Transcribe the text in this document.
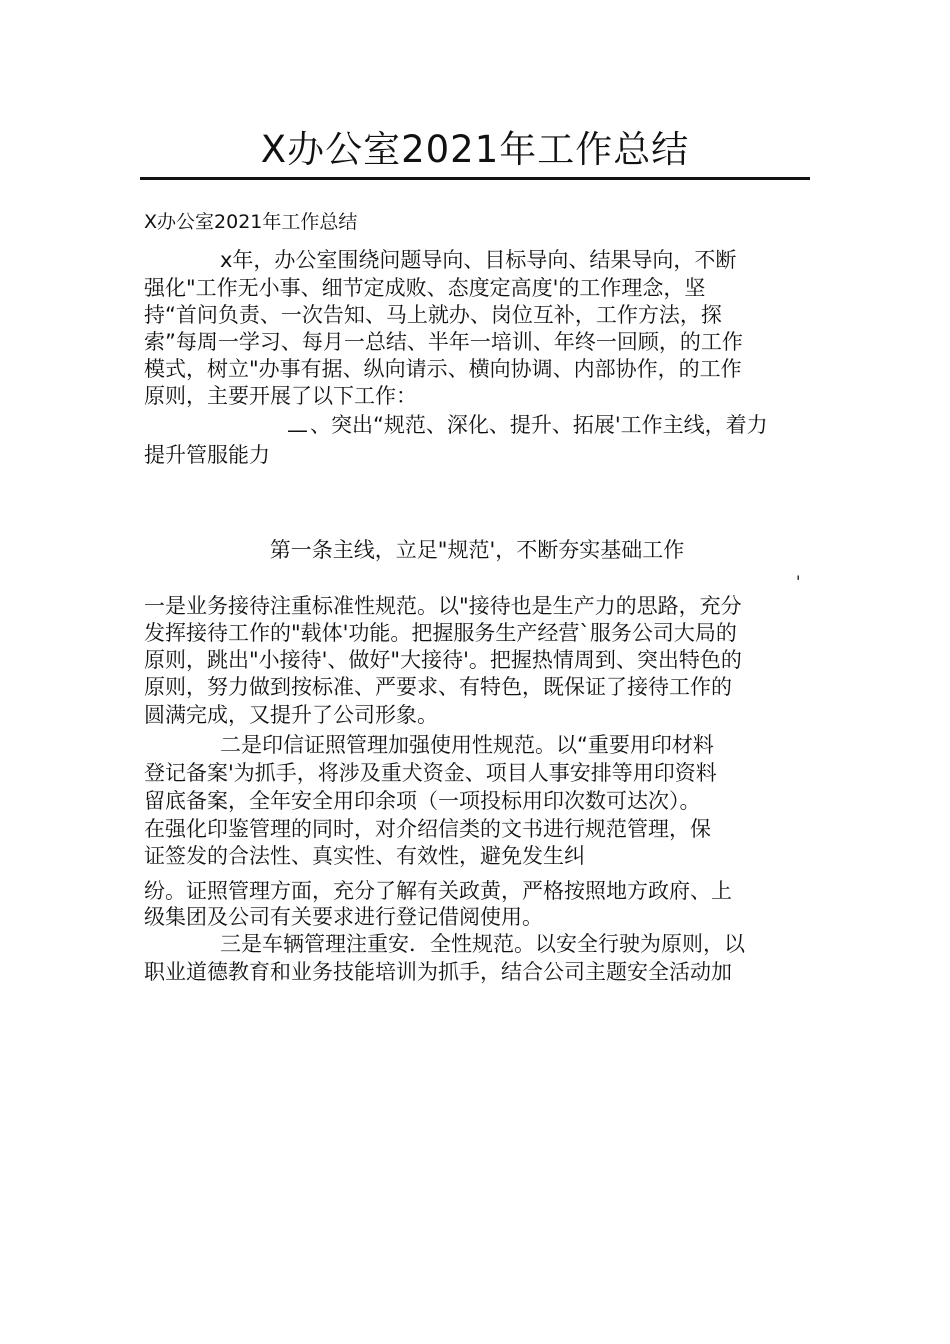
X办公室2021年工作总结
X办公室2021年工作总结
x年，办公室围绕问题导向、目标导向、结果导向，不断
强化"工作无小事、细节定成败、态度定高度'的工作理念，坚
持“首问负责、一次告知、马上就办、岗位互补，工作方法，探
索”每周一学习、每月一总结、半年一培训、年终一回顾，的工作
模式，树立"办事有据、纵向请示、横向协调、内部协作，的工作
原则，主要开展了以下工作：
— 、突出“规范、深化、提升、拓展'工作主线，着力
提升管服能力
第一条主线，立足"规范'，不断夯实基础工作
'
一是业务接待注重标准性规范。以"接待也是生产力的思路，充分
发挥接待工作的"载体'功能。把握服务生产经营`服务公司大局的
原则，跳出"小接待'、做好"大接待'。把握热情周到、突出特色的
原则，努力做到按标准、严要求、有特色，既保证了接待工作的
圆满完成，又提升了公司形象。
二是印信证照管理加强使用性规范。以“重要用印材料
登记备案'为抓手，将涉及重犬资金、项目人事安排等用印资料
留底备案，全年安全用印余项（一项投标用印次数可达次）。
在强化印鉴管理的同时，对介绍信类的文书进行规范管理，保
证签发的合法性、真实性、有效性，避免发生纠
纷。证照管理方面，充分了解有关政黄，严格按照地方政府、上
级集团及公司有关要求进行登记借阅使用。
三是车辆管理注重安．全性规范。以安全行驶为原则，以
职业道德教育和业务技能培训为抓手，结合公司主题安全活动加
